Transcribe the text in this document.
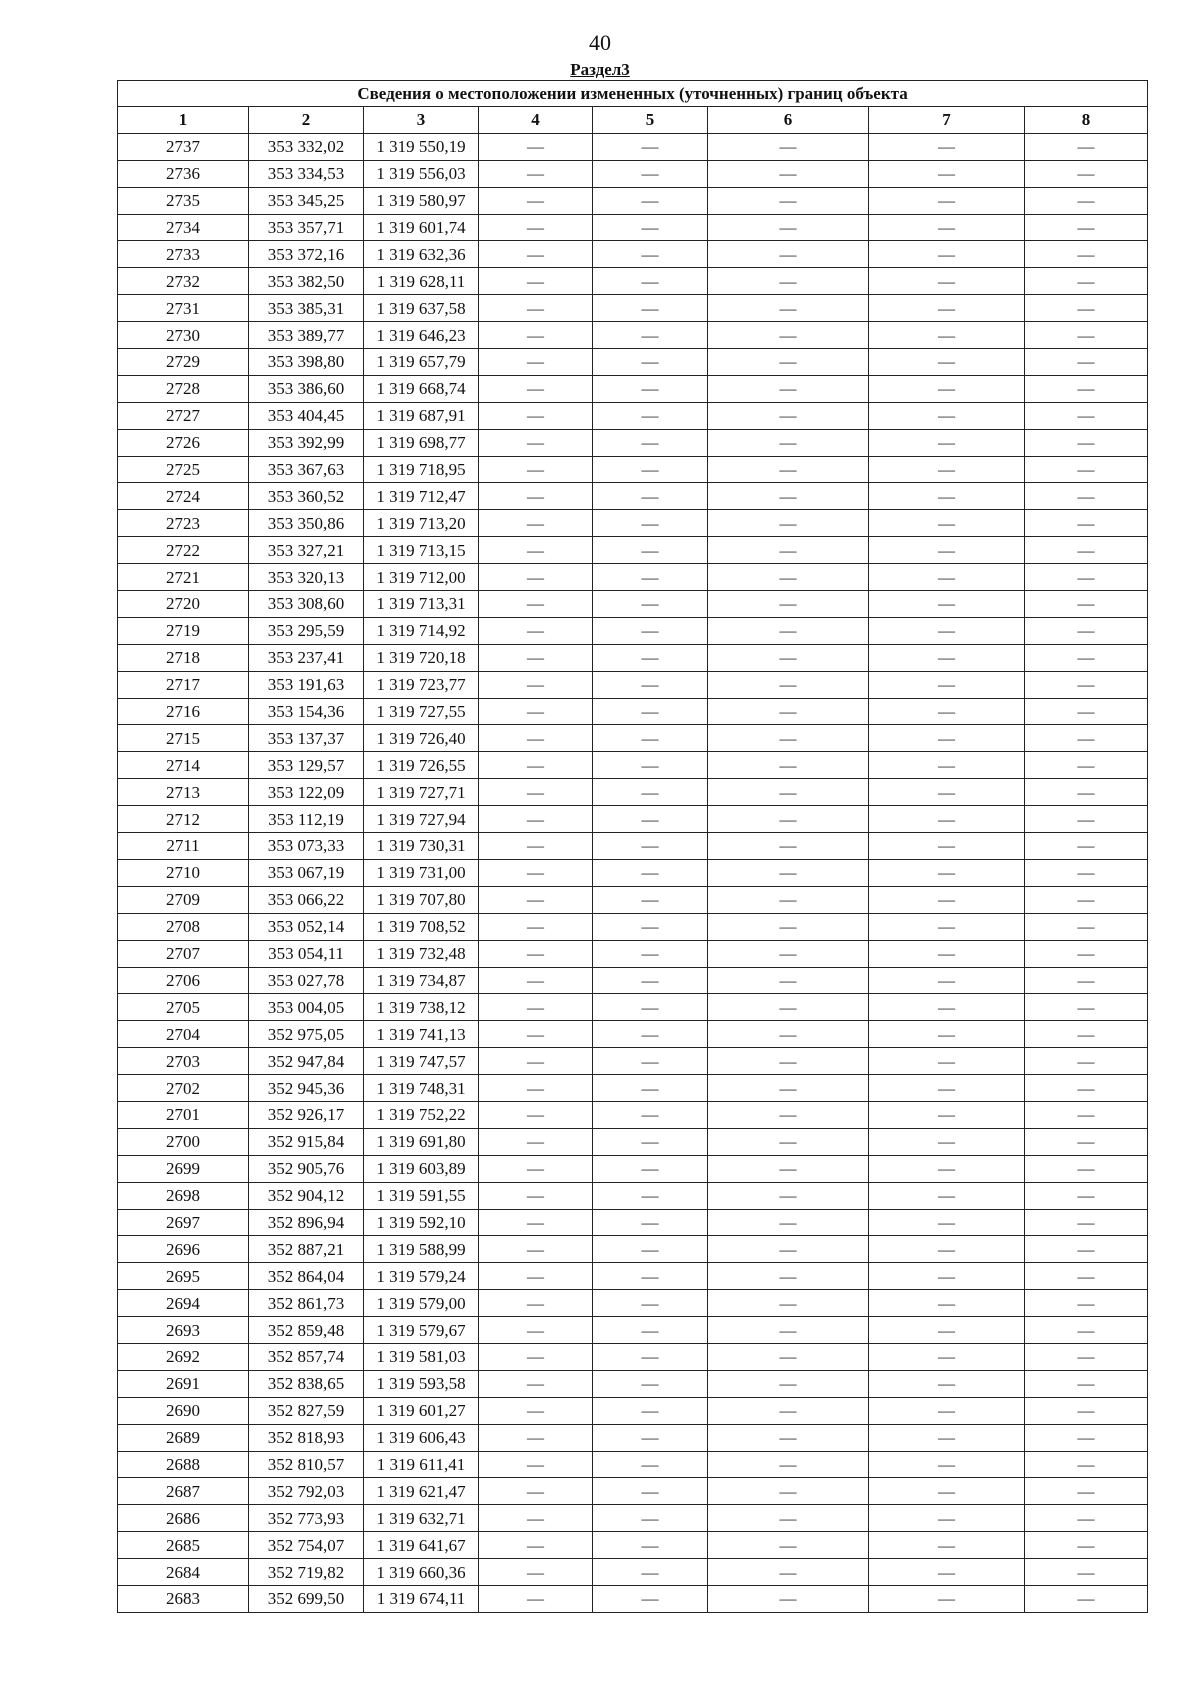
40
Раздел3
Сведения о местоположении измененных (уточненных) границ объекта							
1	2	3	4	5	6	7	8
2737	353 332,02	1 319 550,19	—	—	—	—	—
2736	353 334,53	1 319 556,03	—	—	—	—	—
2735	353 345,25	1 319 580,97	—	—	—	—	—
2734	353 357,71	1 319 601,74	—	—	—	—	—
2733	353 372,16	1 319 632,36	—	—	—	—	—
2732	353 382,50	1 319 628,11	—	—	—	—	—
2731	353 385,31	1 319 637,58	—	—	—	—	—
2730	353 389,77	1 319 646,23	—	—	—	—	—
2729	353 398,80	1 319 657,79	—	—	—	—	—
2728	353 386,60	1 319 668,74	—	—	—	—	—
2727	353 404,45	1 319 687,91	—	—	—	—	—
2726	353 392,99	1 319 698,77	—	—	—	—	—
2725	353 367,63	1 319 718,95	—	—	—	—	—
2724	353 360,52	1 319 712,47	—	—	—	—	—
2723	353 350,86	1 319 713,20	—	—	—	—	—
2722	353 327,21	1 319 713,15	—	—	—	—	—
2721	353 320,13	1 319 712,00	—	—	—	—	—
2720	353 308,60	1 319 713,31	—	—	—	—	—
2719	353 295,59	1 319 714,92	—	—	—	—	—
2718	353 237,41	1 319 720,18	—	—	—	—	—
2717	353 191,63	1 319 723,77	—	—	—	—	—
2716	353 154,36	1 319 727,55	—	—	—	—	—
2715	353 137,37	1 319 726,40	—	—	—	—	—
2714	353 129,57	1 319 726,55	—	—	—	—	—
2713	353 122,09	1 319 727,71	—	—	—	—	—
2712	353 112,19	1 319 727,94	—	—	—	—	—
2711	353 073,33	1 319 730,31	—	—	—	—	—
2710	353 067,19	1 319 731,00	—	—	—	—	—
2709	353 066,22	1 319 707,80	—	—	—	—	—
2708	353 052,14	1 319 708,52	—	—	—	—	—
2707	353 054,11	1 319 732,48	—	—	—	—	—
2706	353 027,78	1 319 734,87	—	—	—	—	—
2705	353 004,05	1 319 738,12	—	—	—	—	—
2704	352 975,05	1 319 741,13	—	—	—	—	—
2703	352 947,84	1 319 747,57	—	—	—	—	—
2702	352 945,36	1 319 748,31	—	—	—	—	—
2701	352 926,17	1 319 752,22	—	—	—	—	—
2700	352 915,84	1 319 691,80	—	—	—	—	—
2699	352 905,76	1 319 603,89	—	—	—	—	—
2698	352 904,12	1 319 591,55	—	—	—	—	—
2697	352 896,94	1 319 592,10	—	—	—	—	—
2696	352 887,21	1 319 588,99	—	—	—	—	—
2695	352 864,04	1 319 579,24	—	—	—	—	—
2694	352 861,73	1 319 579,00	—	—	—	—	—
2693	352 859,48	1 319 579,67	—	—	—	—	—
2692	352 857,74	1 319 581,03	—	—	—	—	—
2691	352 838,65	1 319 593,58	—	—	—	—	—
2690	352 827,59	1 319 601,27	—	—	—	—	—
2689	352 818,93	1 319 606,43	—	—	—	—	—
2688	352 810,57	1 319 611,41	—	—	—	—	—
2687	352 792,03	1 319 621,47	—	—	—	—	—
2686	352 773,93	1 319 632,71	—	—	—	—	—
2685	352 754,07	1 319 641,67	—	—	—	—	—
2684	352 719,82	1 319 660,36	—	—	—	—	—
2683	352 699,50	1 319 674,11	—	—	—	—	—
